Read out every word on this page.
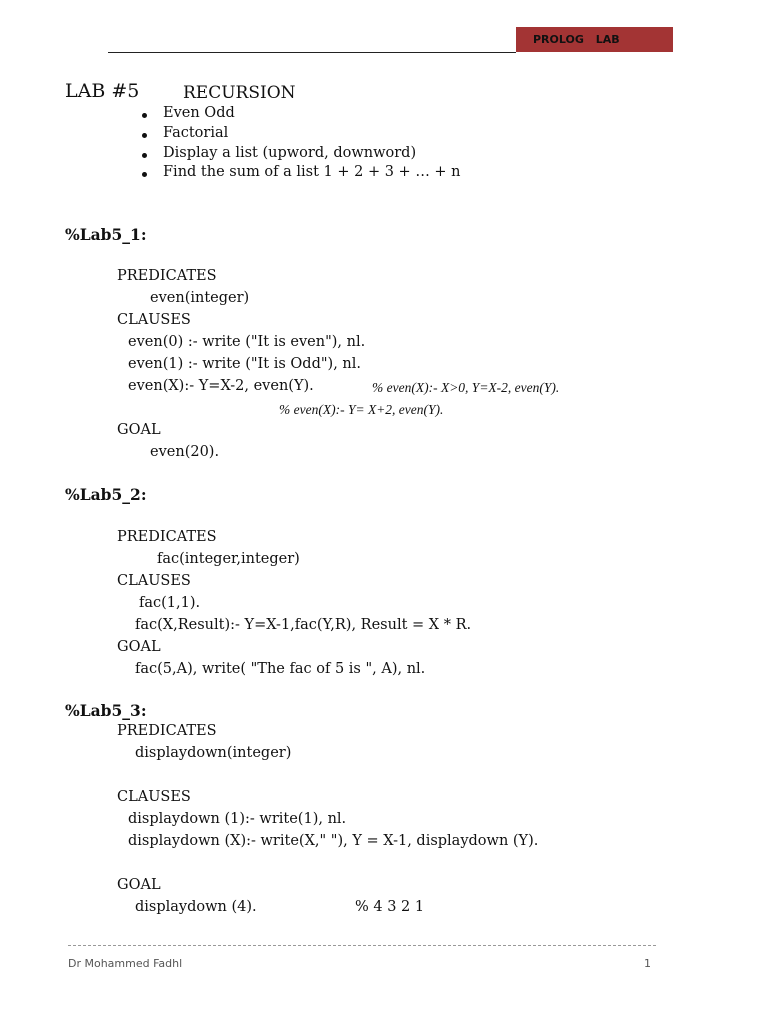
PROLOG LAB
LAB #5	RECURSION
Even Odd
Factorial
Display a list (upword, downword)
Find the sum of a list 1 + 2 + 3 + … + n
%Lab5_1:
PREDICATES
even(integer)
CLAUSES
even(0) :- write ("It is even"), nl.
even(1) :- write ("It is Odd"), nl.
even(X):- Y=X-2, even(Y).	% even(X):- X>0, Y=X-2, even(Y).
% even(X):- Y= X+2, even(Y).
GOAL
even(20).
%Lab5_2:
PREDICATES
fac(integer,integer)
CLAUSES
fac(1,1).
fac(X,Result):- Y=X-1,fac(Y,R), Result = X * R.
GOAL
fac(5,A), write( "The fac of 5 is ", A), nl.
%Lab5_3:
PREDICATES
displaydown(integer)
CLAUSES
displaydown (1):- write(1), nl.
displaydown (X):- write(X," "), Y = X-1, displaydown (Y).
GOAL
displaydown (4).	% 4 3 2 1
Dr Mohammed Fadhl	1
